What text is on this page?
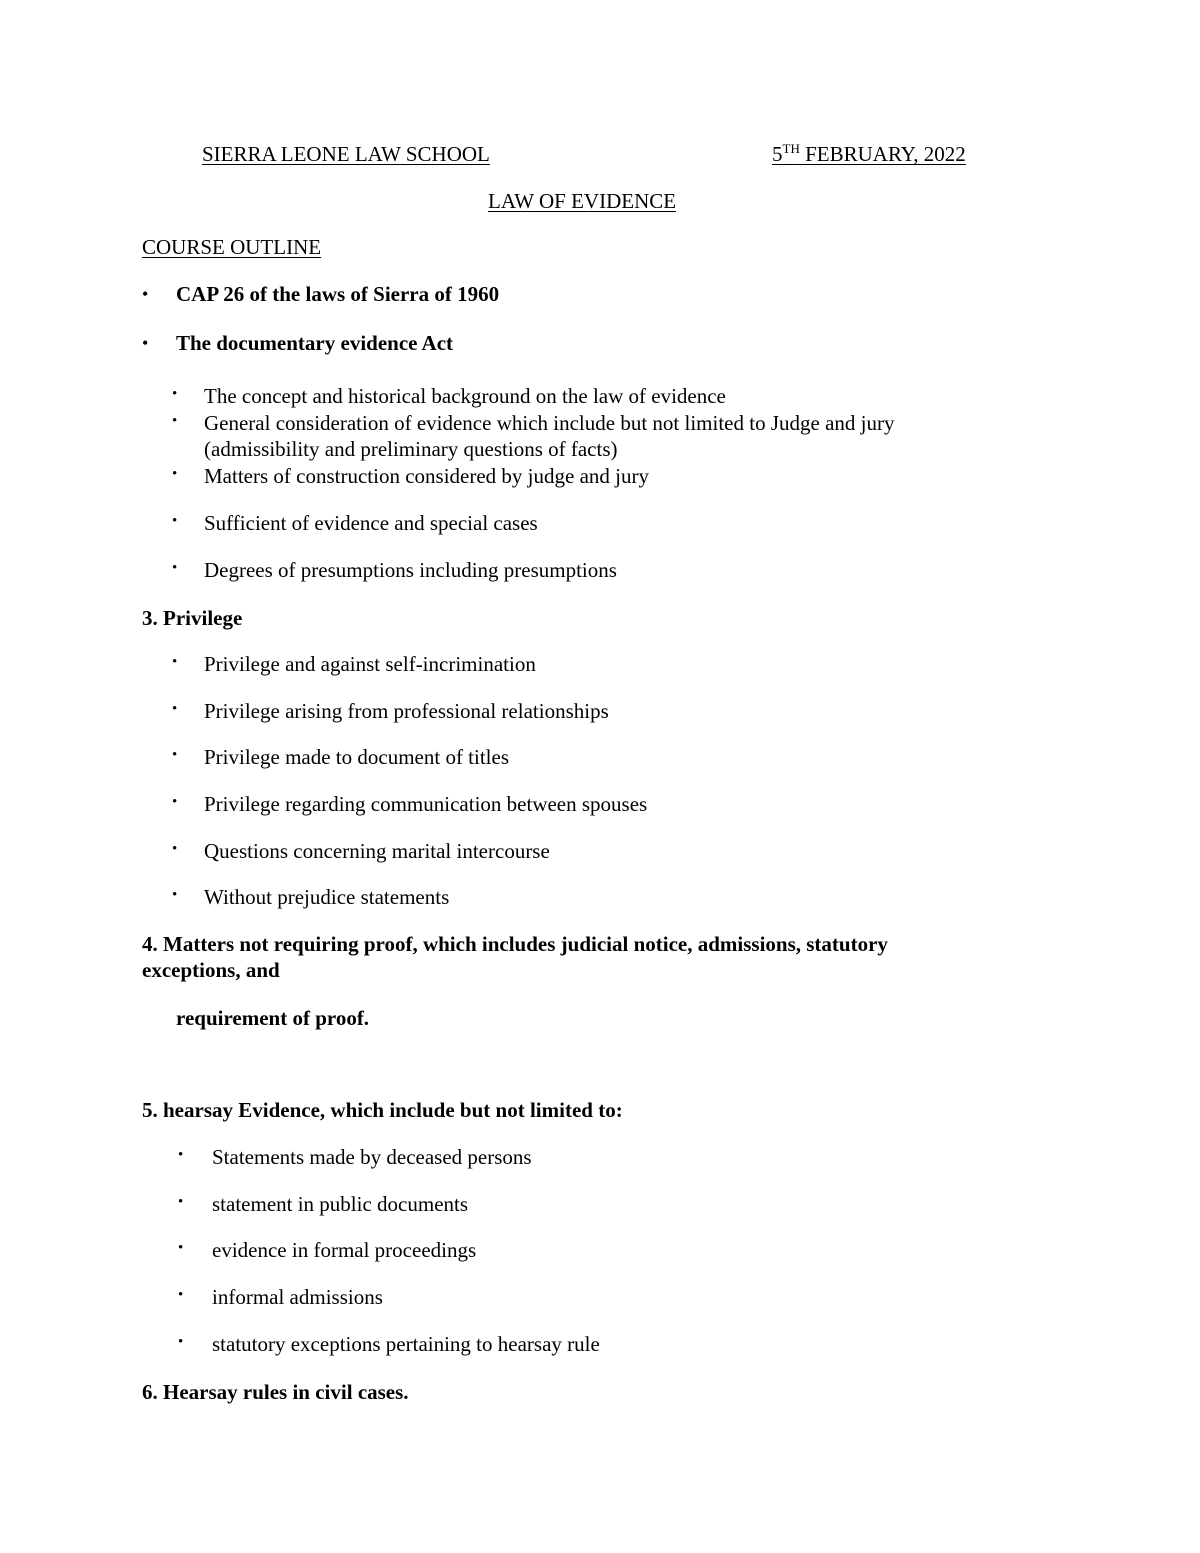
SIERRA LEONE LAW SCHOOL	5TH FEBRUARY, 2022
LAW OF EVIDENCE
COURSE OUTLINE
• CAP 26 of the laws of Sierra of 1960
• The documentary evidence Act
• The concept and historical background on the law of evidence
• General consideration of evidence which include but not limited to Judge and jury
(admissibility and preliminary questions of facts)
• Matters of construction considered by judge and jury
• Sufficient of evidence and special cases
• Degrees of presumptions including presumptions
3. Privilege
• Privilege and against self-incrimination
• Privilege arising from professional relationships
• Privilege made to document of titles
• Privilege regarding communication between spouses
• Questions concerning marital intercourse
• Without prejudice statements
4. Matters not requiring proof, which includes judicial notice, admissions, statutory
exceptions, and
requirement of proof.
5. hearsay Evidence, which include but not limited to:
• Statements made by deceased persons
• statement in public documents
• evidence in formal proceedings
• informal admissions
• statutory exceptions pertaining to hearsay rule
6. Hearsay rules in civil cases.
